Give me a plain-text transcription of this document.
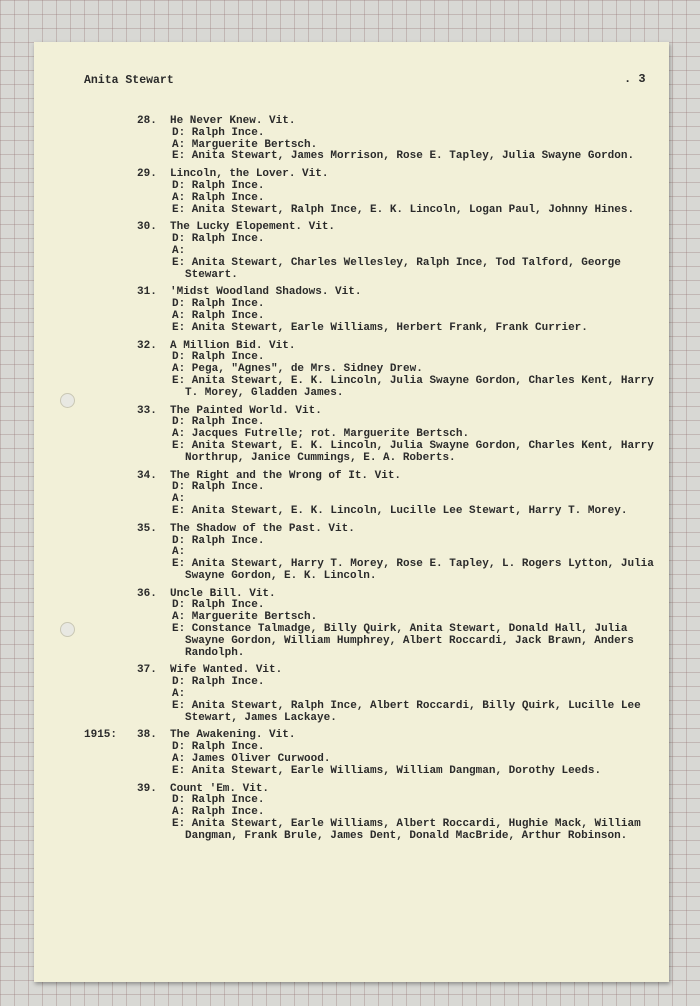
Anita Stewart	. 3
28. He Never Knew. Vit.
D: Ralph Ince.
A: Marguerite Bertsch.
E: Anita Stewart, James Morrison, Rose E. Tapley, Julia Swayne Gordon.
29. Lincoln, the Lover. Vit.
D: Ralph Ince.
A: Ralph Ince.
E: Anita Stewart, Ralph Ince, E. K. Lincoln, Logan Paul, Johnny Hines.
30. The Lucky Elopement. Vit.
D: Ralph Ince.
A:
E: Anita Stewart, Charles Wellesley, Ralph Ince, Tod Talford, George Stewart.
31. 'Midst Woodland Shadows. Vit.
D: Ralph Ince.
A: Ralph Ince.
E: Anita Stewart, Earle Williams, Herbert Frank, Frank Currier.
32. A Million Bid. Vit.
D: Ralph Ince.
A: Pega, "Agnes", de Mrs. Sidney Drew.
E: Anita Stewart, E. K. Lincoln, Julia Swayne Gordon, Charles Kent, Harry T. Morey, Gladden James.
33. The Painted World. Vit.
D: Ralph Ince.
A: Jacques Futrelle; rot. Marguerite Bertsch.
E: Anita Stewart, E. K. Lincoln, Julia Swayne Gordon, Charles Kent, Harry Northrup, Janice Cummings, E. A. Roberts.
34. The Right and the Wrong of It. Vit.
D: Ralph Ince.
A:
E: Anita Stewart, E. K. Lincoln, Lucille Lee Stewart, Harry T. Morey.
35. The Shadow of the Past. Vit.
D: Ralph Ince.
A:
E: Anita Stewart, Harry T. Morey, Rose E. Tapley, L. Rogers Lytton, Julia Swayne Gordon, E. K. Lincoln.
36. Uncle Bill. Vit.
D: Ralph Ince.
A: Marguerite Bertsch.
E: Constance Talmadge, Billy Quirk, Anita Stewart, Donald Hall, Julia Swayne Gordon, William Humphrey, Albert Roccardi, Jack Brawn, Anders Randolph.
37. Wife Wanted. Vit.
D: Ralph Ince.
A:
E: Anita Stewart, Ralph Ince, Albert Roccardi, Billy Quirk, Lucille Lee Stewart, James Lackaye.
1915: 38. The Awakening. Vit.
D: Ralph Ince.
A: James Oliver Curwood.
E: Anita Stewart, Earle Williams, William Dangman, Dorothy Leeds.
39. Count 'Em. Vit.
D: Ralph Ince.
A: Ralph Ince.
E: Anita Stewart, Earle Williams, Albert Roccardi, Hughie Mack, William Dangman, Frank Brule, James Dent, Donald MacBride, Arthur Robinson.
